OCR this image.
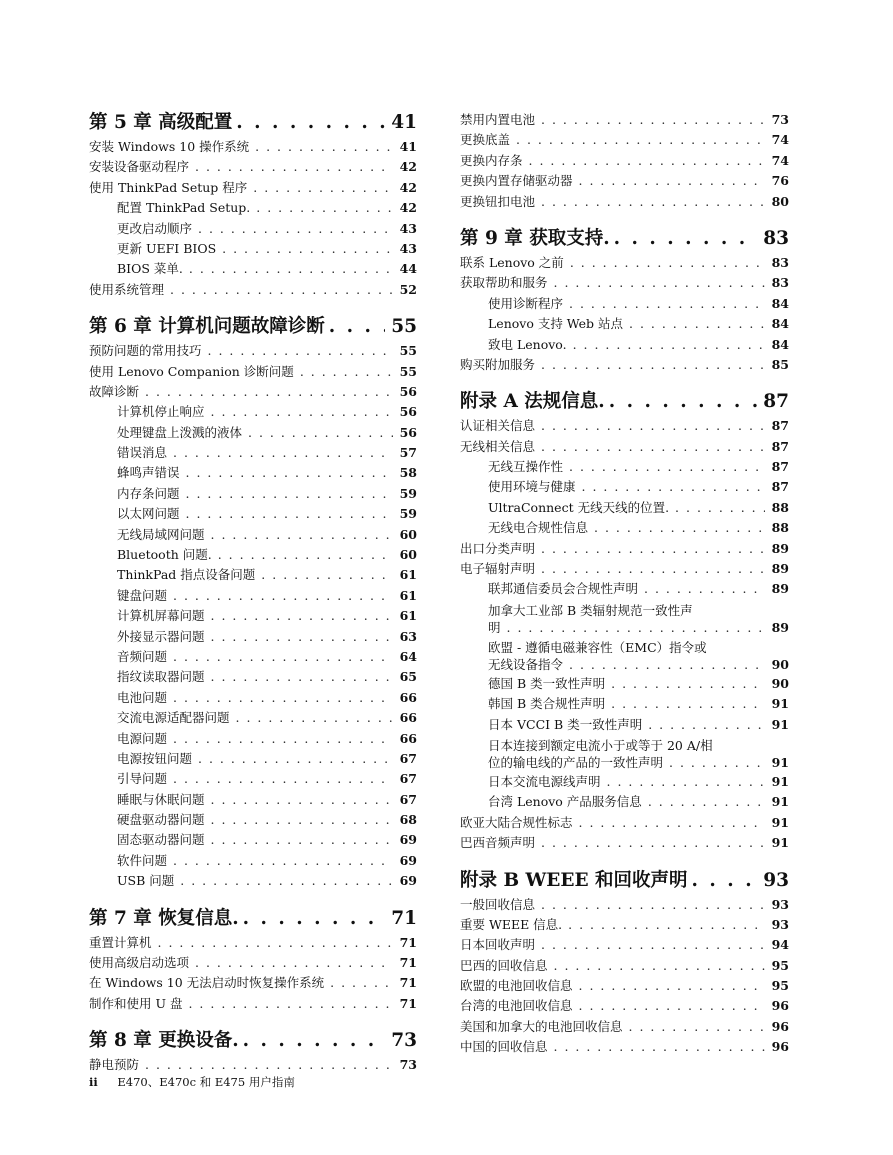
第 5 章 高级配置 . . .	41
安装 Windows 10 操作系统 . . .	41
安装设备驱动程序 . . .	42
使用 ThinkPad Setup 程序 . . .	42
配置 ThinkPad Setup. . . .	42
更改启动顺序 . . .	43
更新 UEFI BIOS . . .	43
BIOS 菜单. . . .	44
使用系统管理 . . .	52
第 6 章 计算机问题故障诊断 . . .	55
预防问题的常用技巧 . . .	55
使用 Lenovo Companion 诊断问题 . . .	55
故障诊断 . . .	56
计算机停止响应 . . .	56
处理键盘上泼溅的液体 . . .	56
错误消息 . . .	57
蜂鸣声错误 . . .	58
内存条问题 . . .	59
以太网问题 . . .	59
无线局域网问题 . . .	60
Bluetooth 问题. . . .	60
ThinkPad 指点设备问题 . . .	61
键盘问题 . . .	61
计算机屏幕问题 . . .	61
外接显示器问题 . . .	63
音频问题 . . .	64
指纹读取器问题 . . .	65
电池问题 . . .	66
交流电源适配器问题 . . .	66
电源问题 . . .	66
电源按钮问题 . . .	67
引导问题 . . .	67
睡眠与休眠问题 . . .	67
硬盘驱动器问题 . . .	68
固态驱动器问题 . . .	69
软件问题 . . .	69
USB 问题 . . .	69
第 7 章 恢复信息. . . .	71
重置计算机 . . .	71
使用高级启动选项 . . .	71
在 Windows 10 无法启动时恢复操作系统 . . .	71
制作和使用 U 盘 . . .	71
第 8 章 更换设备. . . .	73
静电预防 . . .	73
禁用内置电池 . . .	73
更换底盖 . . .	74
更换内存条 . . .	74
更换内置存储驱动器 . . .	76
更换钮扣电池 . . .	80
第 9 章 获取支持. . . .	83
联系 Lenovo 之前 . . .	83
获取帮助和服务 . . .	83
使用诊断程序 . . .	84
Lenovo 支持 Web 站点 . . .	84
致电 Lenovo. . . .	84
购买附加服务 . . .	85
附录 A 法规信息. . . .	87
认证相关信息 . . .	87
无线相关信息 . . .	87
无线互操作性 . . .	87
使用环境与健康 . . .	87
UltraConnect 无线天线的位置. . . .	88
无线电合规性信息 . . .	88
出口分类声明 . . .	89
电子辐射声明 . . .	89
联邦通信委员会合规性声明 . . .	89
加拿大工业部 B 类辐射规范一致性声
明 . . .	89
欧盟 - 遵循电磁兼容性（EMC）指令或
无线设备指令 . . .	90
德国 B 类一致性声明 . . .	90
韩国 B 类合规性声明 . . .	91
日本 VCCI B 类一致性声明 . . .	91
日本连接到额定电流小于或等于 20 A/相
位的输电线的产品的一致性声明 . . .	91
日本交流电源线声明 . . .	91
台湾 Lenovo 产品服务信息 . . .	91
欧亚大陆合规性标志 . . .	91
巴西音频声明 . . .	91
附录 B WEEE 和回收声明 . . .	93
一般回收信息 . . .	93
重要 WEEE 信息. . . .	93
日本回收声明 . . .	94
巴西的回收信息 . . .	95
欧盟的电池回收信息 . . .	95
台湾的电池回收信息 . . .	96
美国和加拿大的电池回收信息 . . .	96
中国的回收信息 . . .	96
ii E470、E470c 和 E475 用户指南
